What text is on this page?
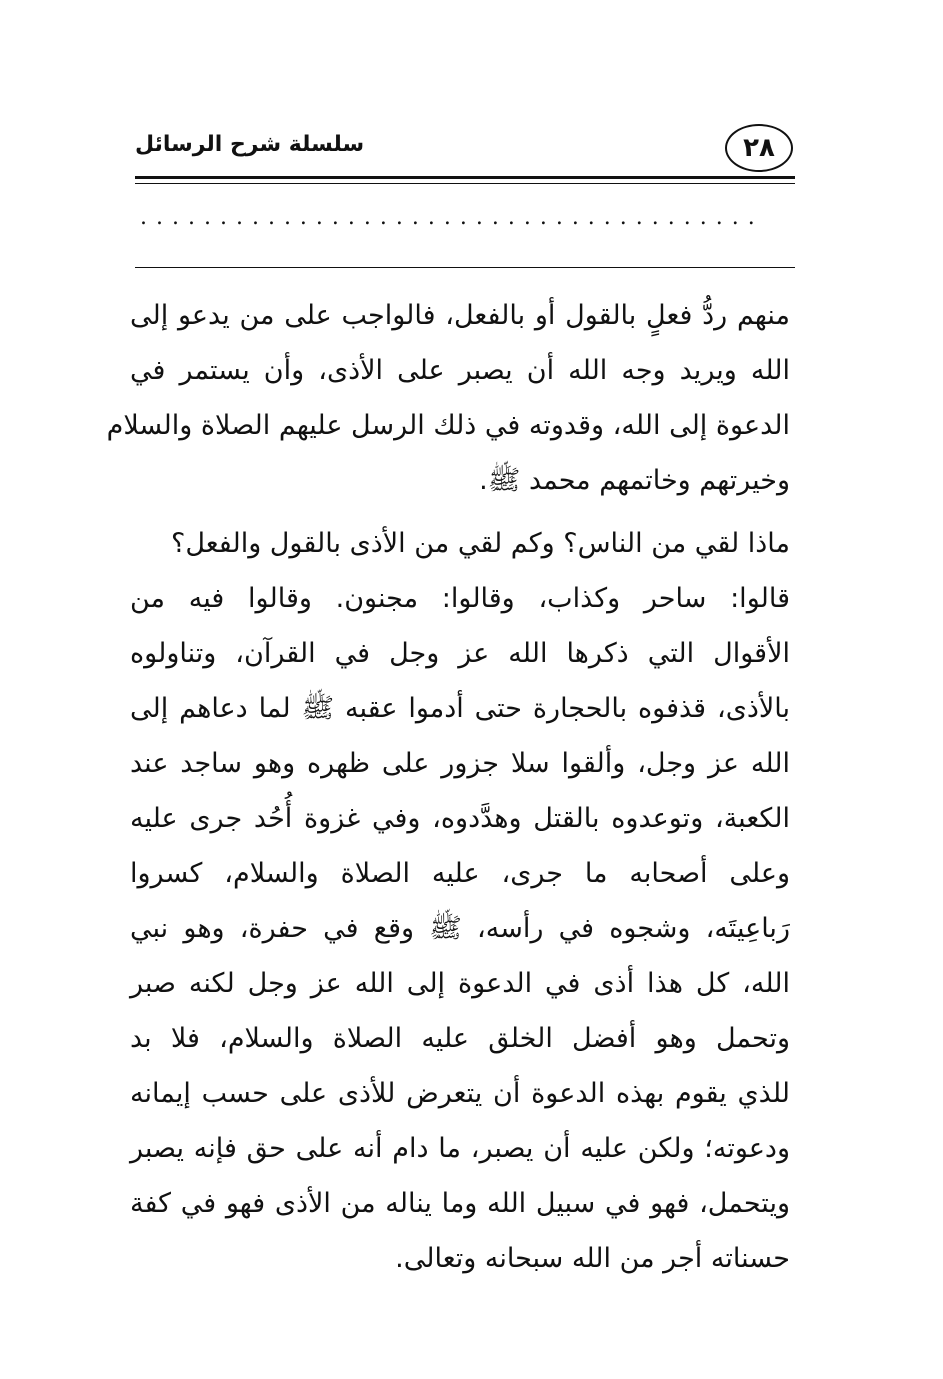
٢٨
سلسلة شرح الرسائل
.......................................

منهم ردُّ فعلٍ بالقول أو بالفعل، فالواجب على من يدعو إلى
الله ويريد وجه الله أن يصبر على الأذى، وأن يستمر في
الدعوة إلى الله، وقدوته في ذلك الرسل عليهم الصلاة والسلام
وخيرتهم وخاتمهم محمد ﷺ.

ماذا لقي من الناس؟ وكم لقي من الأذى بالقول والفعل؟
قالوا: ساحر وكذاب، وقالوا: مجنون. وقالوا فيه من
الأقوال التي ذكرها الله عز وجل في القرآن، وتناولوه
بالأذى، قذفوه بالحجارة حتى أدموا عقبه ﷺ لما دعاهم إلى
الله عز وجل، وألقوا سلا جزور على ظهره وهو ساجد عند
الكعبة، وتوعدوه بالقتل وهدَّدوه، وفي غزوة أُحُد جرى عليه
وعلى أصحابه ما جرى، عليه الصلاة والسلام، كسروا
رَباعِيتَه، وشجوه في رأسه، ﷺ وقع في حفرة، وهو نبي
الله، كل هذا أذى في الدعوة إلى الله عز وجل لكنه صبر
وتحمل وهو أفضل الخلق عليه الصلاة والسلام، فلا بد
للذي يقوم بهذه الدعوة أن يتعرض للأذى على حسب إيمانه
ودعوته؛ ولكن عليه أن يصبر، ما دام أنه على حق فإنه يصبر
ويتحمل، فهو في سبيل الله وما يناله من الأذى فهو في كفة
حسناته أجر من الله سبحانه وتعالى.
